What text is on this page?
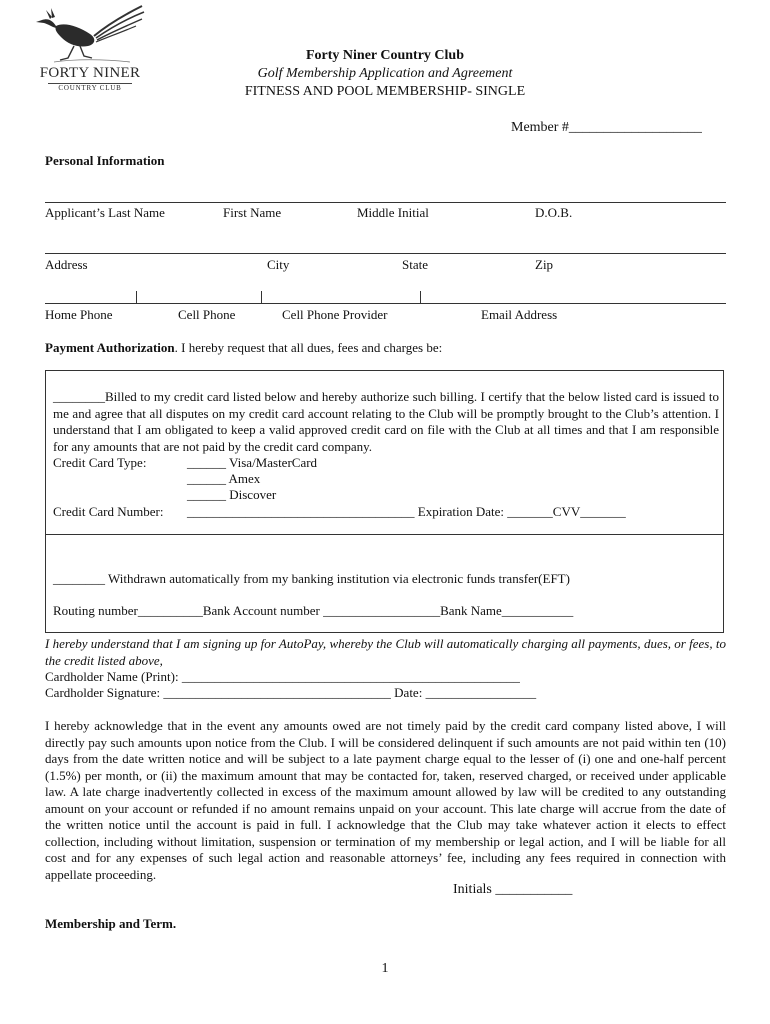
FORTY NINER
COUNTRY CLUB
Forty Niner Country Club
Golf Membership Application and Agreement
FITNESS AND POOL MEMBERSHIP- SINGLE
Member #___________________
Personal Information
Applicant’s Last Name	First Name	Middle Initial	D.O.B.
Address	City	State	Zip
Home Phone	Cell Phone	Cell Phone Provider	Email Address
Payment Authorization. I hereby request that all dues, fees and charges be:
________Billed to my credit card listed below and hereby authorize such billing. I certify that the below listed card is issued to me and agree that all disputes on my credit card account relating to the Club will be promptly brought to the Club’s attention. I understand that I am obligated to keep a valid approved credit card on file with the Club at all times and that I am responsible for any amounts that are not paid by the credit card company.
Credit Card Type:	______ Visa/MasterCard
______ Amex
______ Discover
Credit Card Number: ___________________________________ Expiration Date: _______CVV_______
________ Withdrawn automatically from my banking institution via electronic funds transfer(EFT)
Routing number__________Bank Account number __________________Bank Name___________
I hereby understand that I am signing up for AutoPay, whereby the Club will automatically charging all payments, dues, or fees, to the credit listed above,
Cardholder Name (Print): ____________________________________________________
Cardholder Signature: ___________________________________ Date: _________________
I hereby acknowledge that in the event any amounts owed are not timely paid by the credit card company listed above, I will directly pay such amounts upon notice from the Club. I will be considered delinquent if such amounts are not paid within ten (10) days from the date written notice and will be subject to a late payment charge equal to the lesser of (i) one and one-half percent (1.5%) per month, or (ii) the maximum amount that may be contacted for, taken, reserved charged, or received under applicable law. A late charge inadvertently collected in excess of the maximum amount allowed by law will be credited to any outstanding amount on your account or refunded if no amount remains unpaid on your account. This late charge will accrue from the date of the written notice until the account is paid in full. I acknowledge that the Club may take whatever action it elects to effect collection, including without limitation, suspension or termination of my membership or legal action, and I will be liable for all cost and for any expenses of such legal action and reasonable attorneys’ fee, including any fees required in connection with appellate proceeding.
Initials ___________
Membership and Term.
1
